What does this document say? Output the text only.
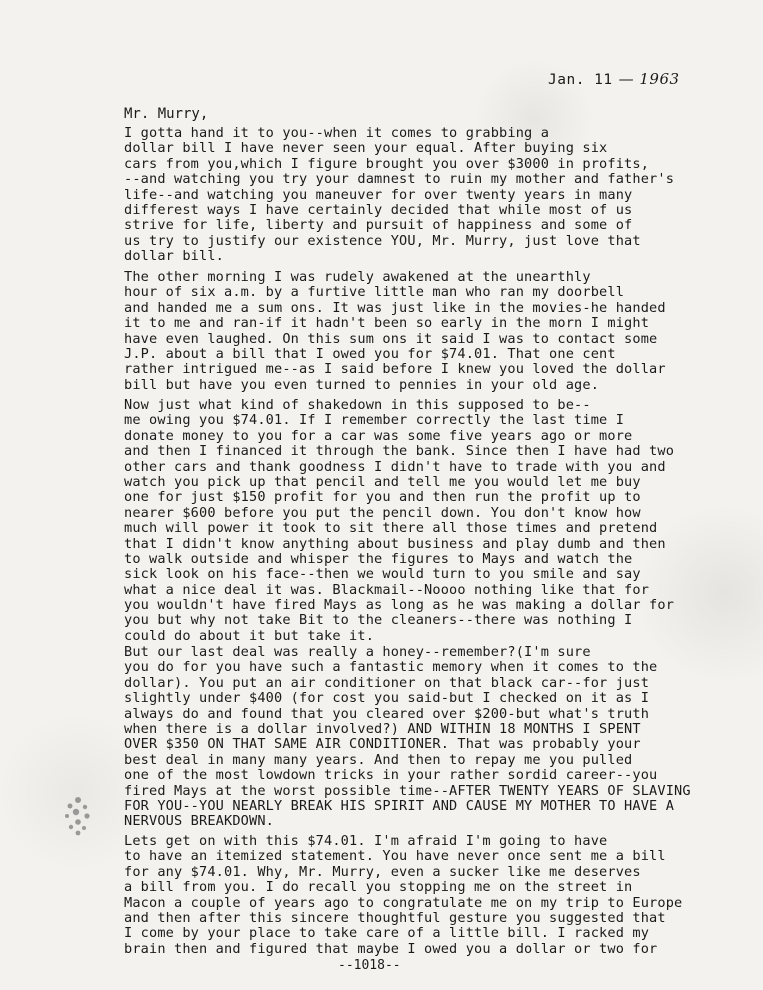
Jan. 11 — 1963
Mr. Murry,
I gotta hand it to you--when it comes to grabbing a
dollar bill I have never seen your equal. After buying six
cars from you,which I figure brought you over $3000 in profits,
--and watching you try your damnest to ruin my mother and father's
life--and watching you maneuver for over twenty years in many
differest ways I have certainly decided that while most of us
strive for life, liberty and pursuit of happiness and some of
us try to justify our existence YOU, Mr. Murry, just love that
dollar bill.
The other morning I was rudely awakened at the unearthly
hour of six a.m. by a furtive little man who ran my doorbell
and handed me a sum ons. It was just like in the movies-he handed
it to me and ran-if it hadn't been so early in the morn I might
have even laughed. On this sum ons it said I was to contact some
J.P. about a bill that I owed you for $74.01. That one cent
rather intrigued me--as I said before I knew you loved the dollar
bill but have you even turned to pennies in your old age.
Now just what kind of shakedown in this supposed to be--
me owing you $74.01. If I remember correctly the last time I
donate money to you for a car was some five years ago or more
and then I financed it through the bank. Since then I have had two
other cars and thank goodness I didn't have to trade with you and
watch you pick up that pencil and tell me you would let me buy
one for just $150 profit for you and then run the profit up to
nearer $600 before you put the pencil down. You don't know how
much will power it took to sit there all those times and pretend
that I didn't know anything about business and play dumb and then
to walk outside and whisper the figures to Mays and watch the
sick look on his face--then we would turn to you smile and say
what a nice deal it was. Blackmail--Noooo nothing like that for
you wouldn't have fired Mays as long as he was making a dollar for
you but why not take Bit to the cleaners--there was nothing I
could do about it but take it.
But our last deal was really a honey--remember?(I'm sure
you do for you have such a fantastic memory when it comes to the
dollar). You put an air conditioner on that black car--for just
slightly under $400 (for cost you said-but I checked on it as I
always do and found that you cleared over $200-but what's truth
when there is a dollar involved?) AND WITHIN 18 MONTHS I SPENT
OVER $350 ON THAT SAME AIR CONDITIONER. That was probably your
best deal in many many years. And then to repay me you pulled
one of the most lowdown tricks in your rather sordid career--you
fired Mays at the worst possible time--AFTER TWENTY YEARS OF SLAVING
FOR YOU--YOU NEARLY BREAK HIS SPIRIT AND CAUSE MY MOTHER TO HAVE A
NERVOUS BREAKDOWN.
Lets get on with this $74.01. I'm afraid I'm going to have
to have an itemized statement. You have never once sent me a bill
for any $74.01. Why, Mr. Murry, even a sucker like me deserves
a bill from you. I do recall you stopping me on the street in
Macon a couple of years ago to congratulate me on my trip to Europe
and then after this sincere thoughtful gesture you suggested that
I come by your place to take care of a little bill. I racked my
brain then and figured that maybe I owed you a dollar or two for
--1018--
